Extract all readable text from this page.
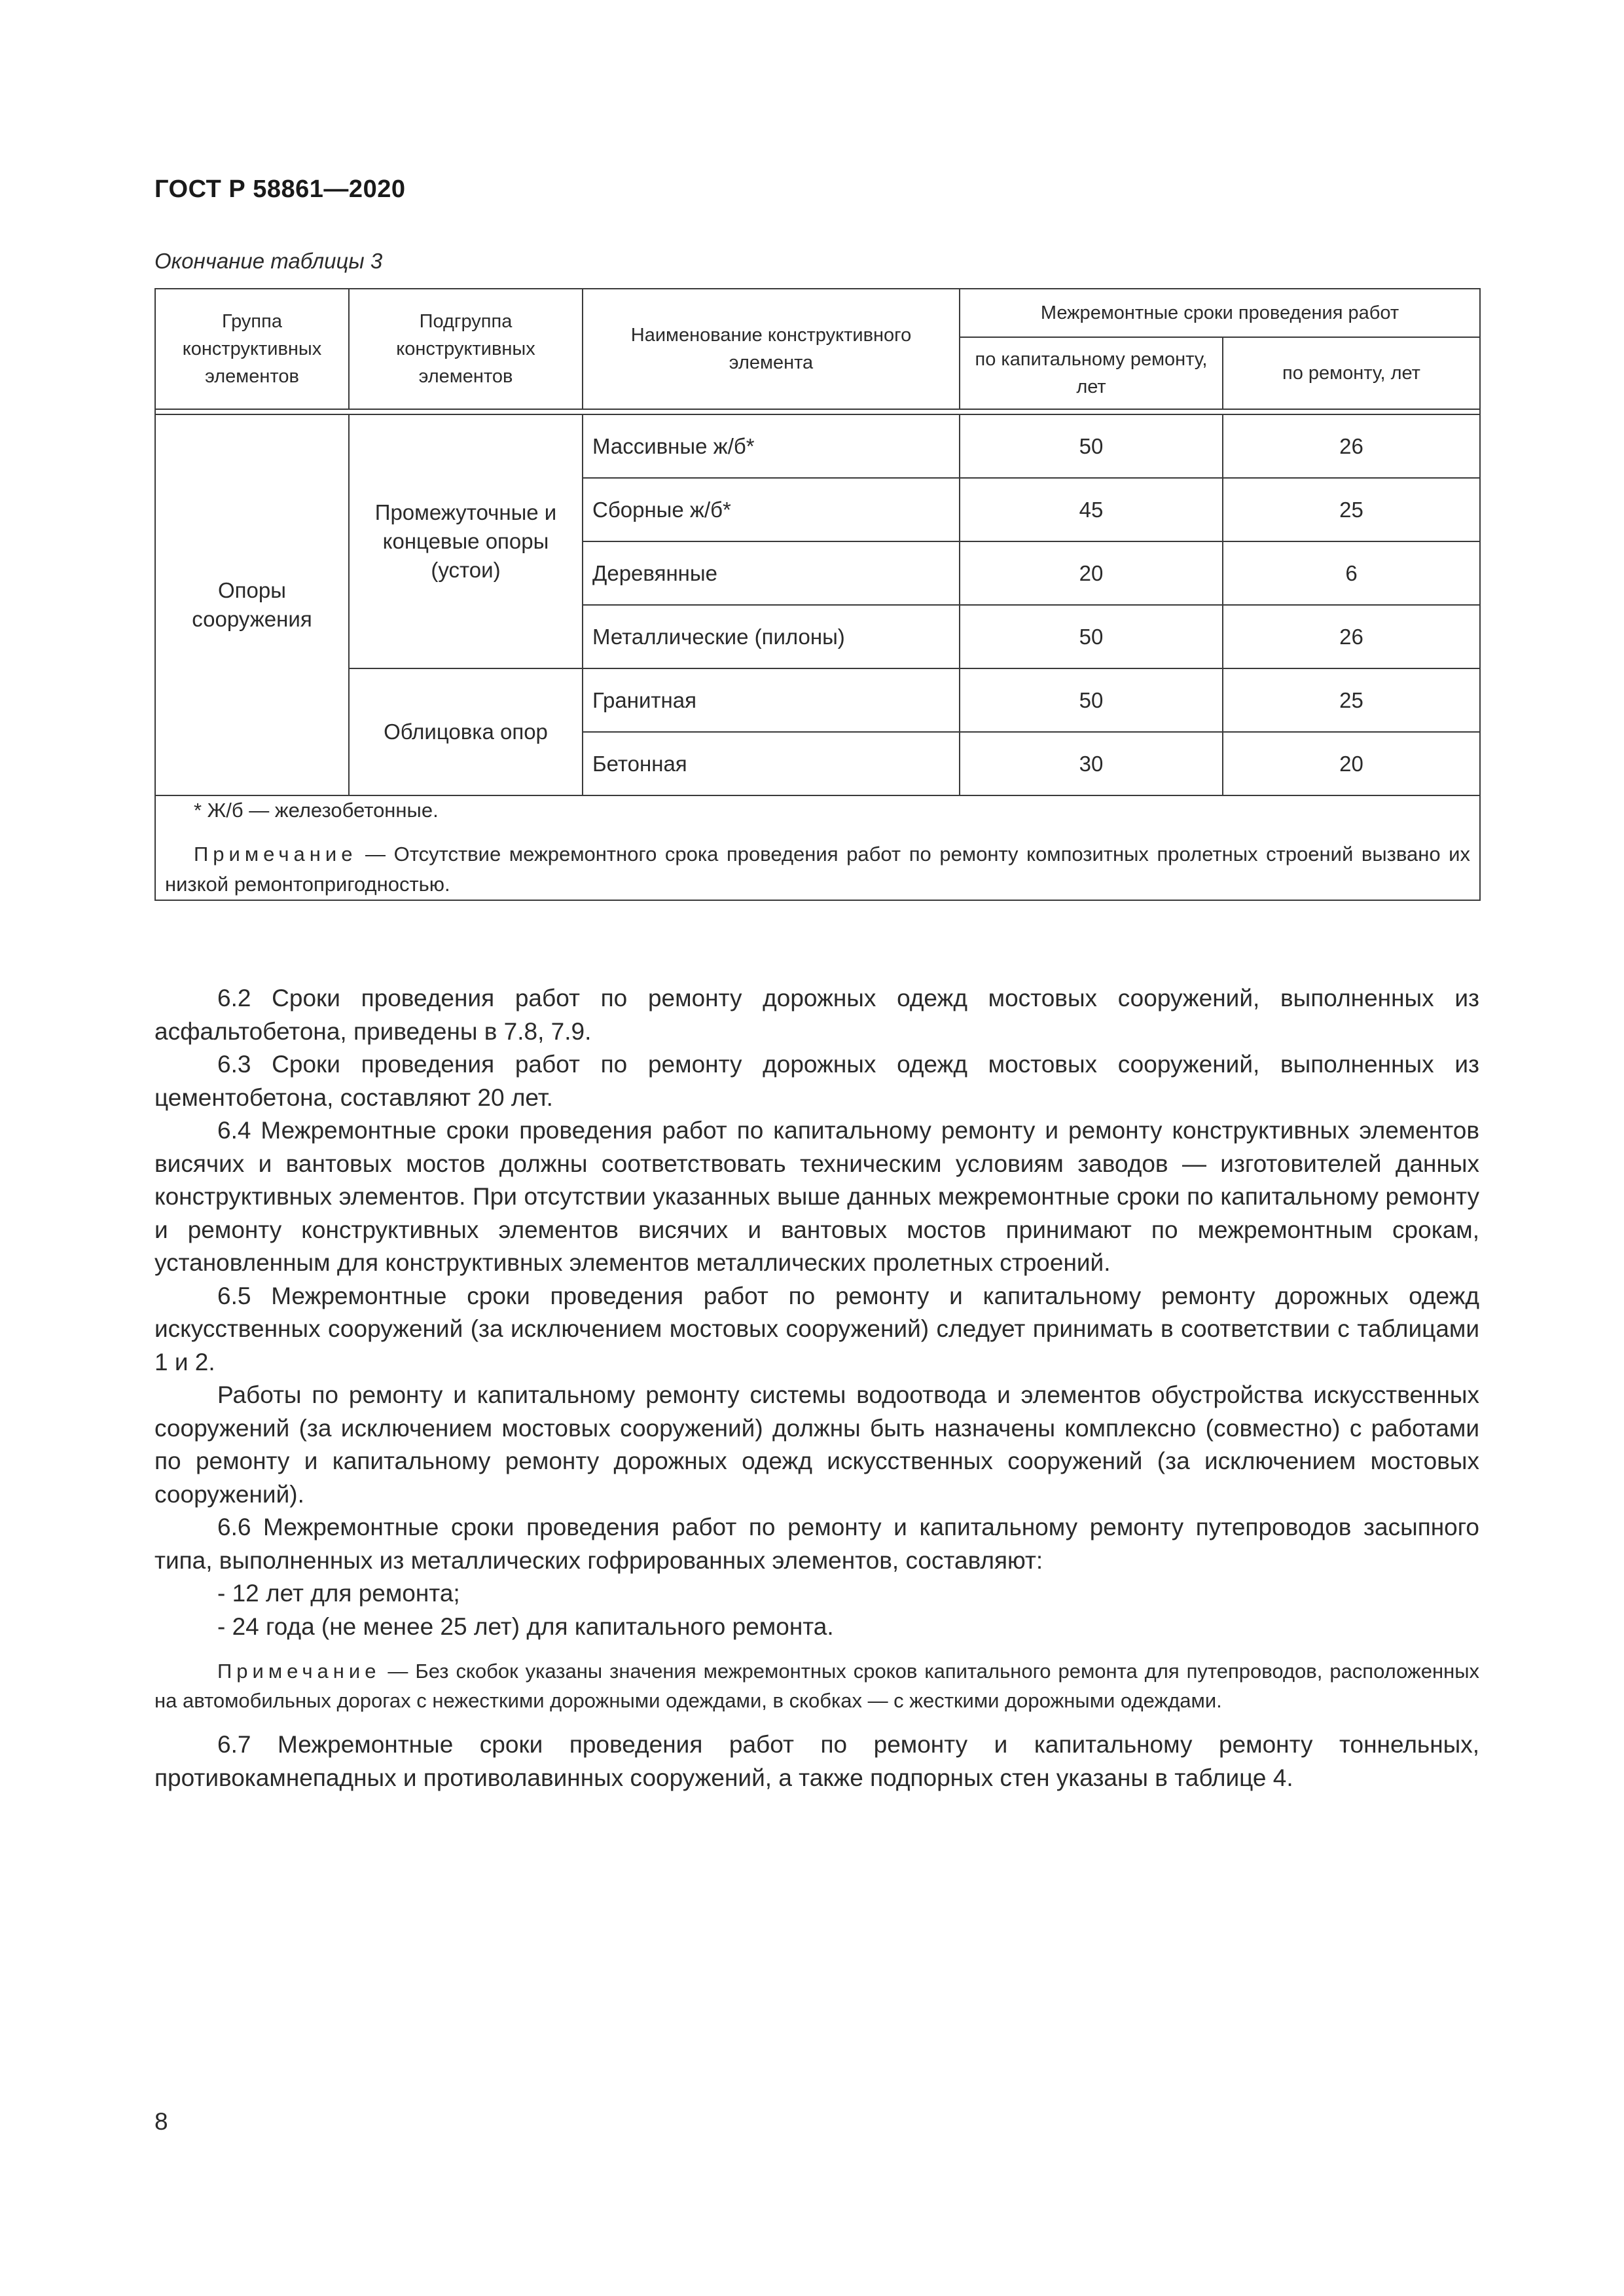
ГОСТ Р 58861—2020
Окончание таблицы 3
Группа конструктивных элементов	Подгруппа конструктивных элементов	Наименование конструктивного элемента	Межремонтные сроки проведения работ	
			по капитальному ремонту, лет	по ремонту, лет

Опоры сооружения	Промежуточные и концевые опоры (устои)	Массивные ж/б*	50	26
		Сборные ж/б*	45	25
		Деревянные	20	6
		Металлические (пилоны)	50	26
	Облицовка опор	Гранитная	50	25
		Бетонная	30	20

* Ж/б — железобетонные.
Примечание — Отсутствие межремонтного срока проведения работ по ремонту композитных пролетных строений вызвано их низкой ремонтопригодностью.				

6.2 Сроки проведения работ по ремонту дорожных одежд мостовых сооружений, выполненных из асфальтобетона, приведены в 7.8, 7.9.

6.3 Сроки проведения работ по ремонту дорожных одежд мостовых сооружений, выполненных из цементобетона, составляют 20 лет.

6.4 Межремонтные сроки проведения работ по капитальному ремонту и ремонту конструктивных элементов висячих и вантовых мостов должны соответствовать техническим условиям заводов — изготовителей данных конструктивных элементов. При отсутствии указанных выше данных межремонтные сроки по капитальному ремонту и ремонту конструктивных элементов висячих и вантовых мостов принимают по межремонтным срокам, установленным для конструктивных элементов металлических пролетных строений.

6.5 Межремонтные сроки проведения работ по ремонту и капитальному ремонту дорожных одежд искусственных сооружений (за исключением мостовых сооружений) следует принимать в соответствии с таблицами 1 и 2.

Работы по ремонту и капитальному ремонту системы водоотвода и элементов обустройства искусственных сооружений (за исключением мостовых сооружений) должны быть назначены комплексно (совместно) с работами по ремонту и капитальному ремонту дорожных одежд искусственных сооружений (за исключением мостовых сооружений).

6.6 Межремонтные сроки проведения работ по ремонту и капитальному ремонту путепроводов засыпного типа, выполненных из металлических гофрированных элементов, составляют:

- 12 лет для ремонта;

- 24 года (не менее 25 лет) для капитального ремонта.

Примечание — Без скобок указаны значения межремонтных сроков капитального ремонта для путепроводов, расположенных на автомобильных дорогах с нежесткими дорожными одеждами, в скобках — с жесткими дорожными одеждами.

6.7 Межремонтные сроки проведения работ по ремонту и капитальному ремонту тоннельных, противокамнепадных и противолавинных сооружений, а также подпорных стен указаны в таблице 4.

8
